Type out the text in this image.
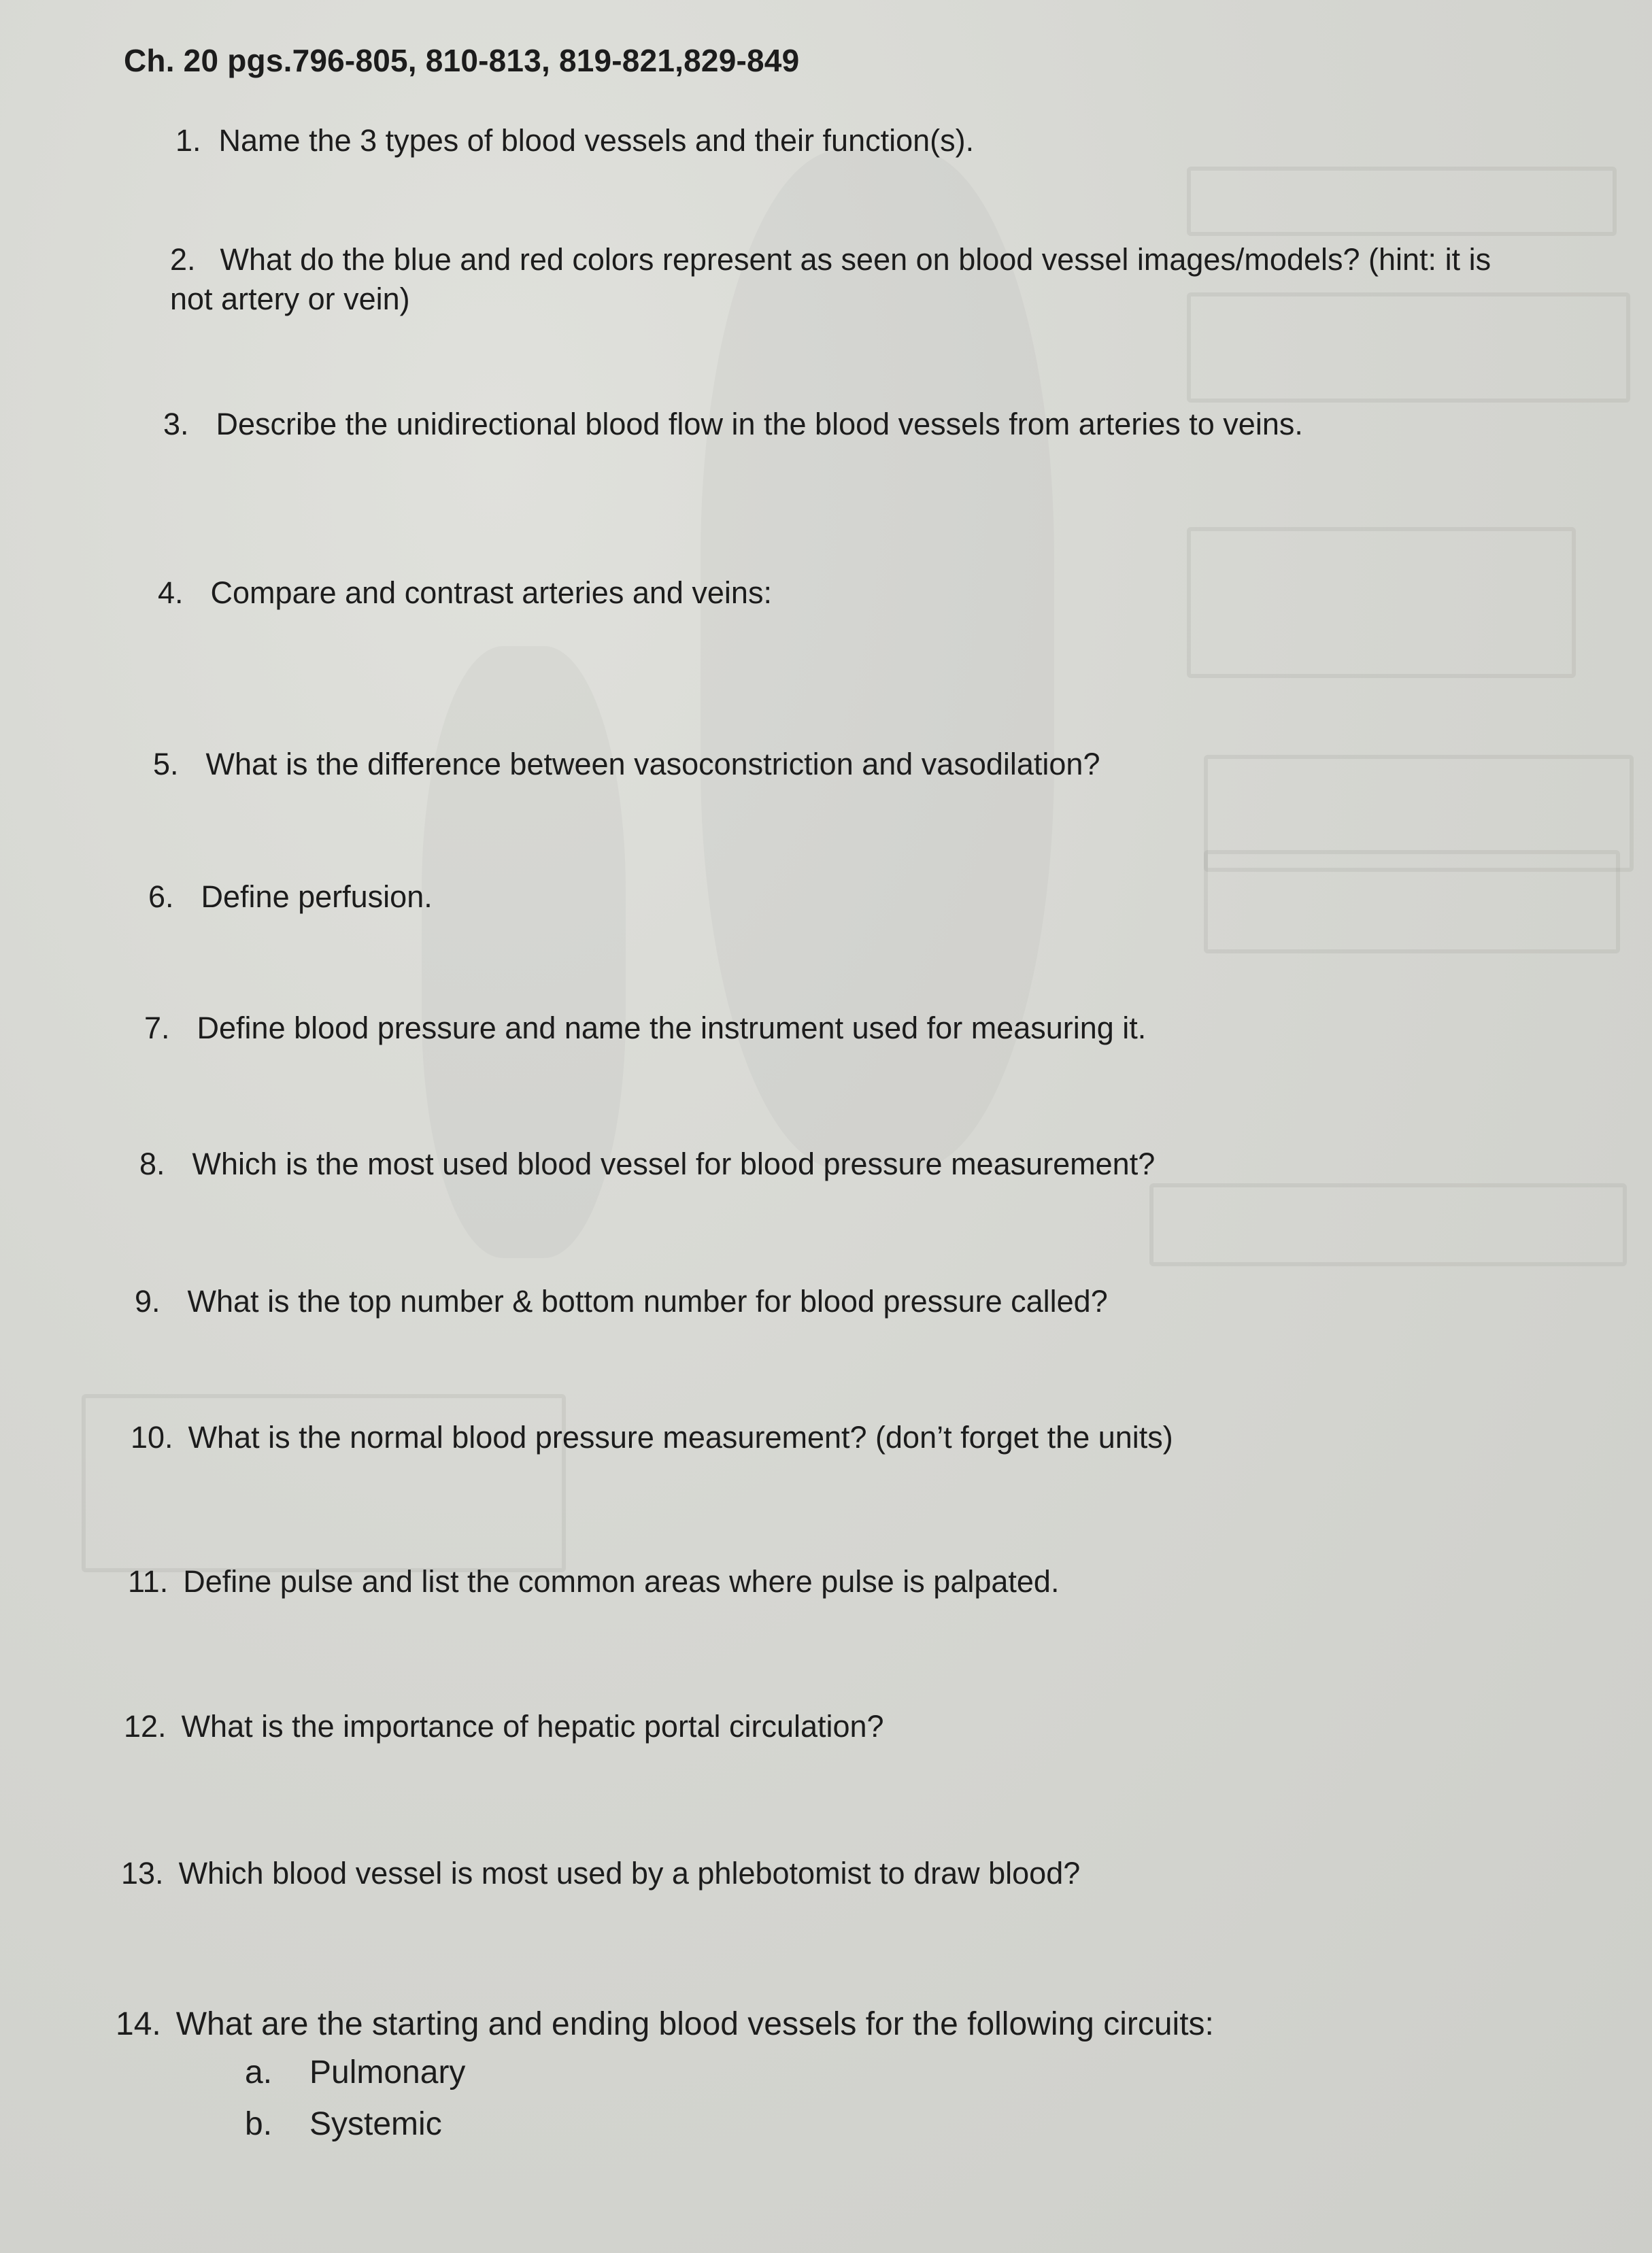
Ch. 20 pgs.796-805, 810-813, 819-821,829-849
1. Name the 3 types of blood vessels and their function(s).
2. What do the blue and red colors represent as seen on blood vessel images/models? (hint: it is
not artery or vein)
3. Describe the unidirectional blood flow in the blood vessels from arteries to veins.
4. Compare and contrast arteries and veins:
5. What is the difference between vasoconstriction and vasodilation?
6. Define perfusion.
7. Define blood pressure and name the instrument used for measuring it.
8. Which is the most used blood vessel for blood pressure measurement?
9. What is the top number & bottom number for blood pressure called?
10. What is the normal blood pressure measurement? (don’t forget the units)
11. Define pulse and list the common areas where pulse is palpated.
12. What is the importance of hepatic portal circulation?
13. Which blood vessel is most used by a phlebotomist to draw blood?
14. What are the starting and ending blood vessels for the following circuits:
a. Pulmonary
b. Systemic
